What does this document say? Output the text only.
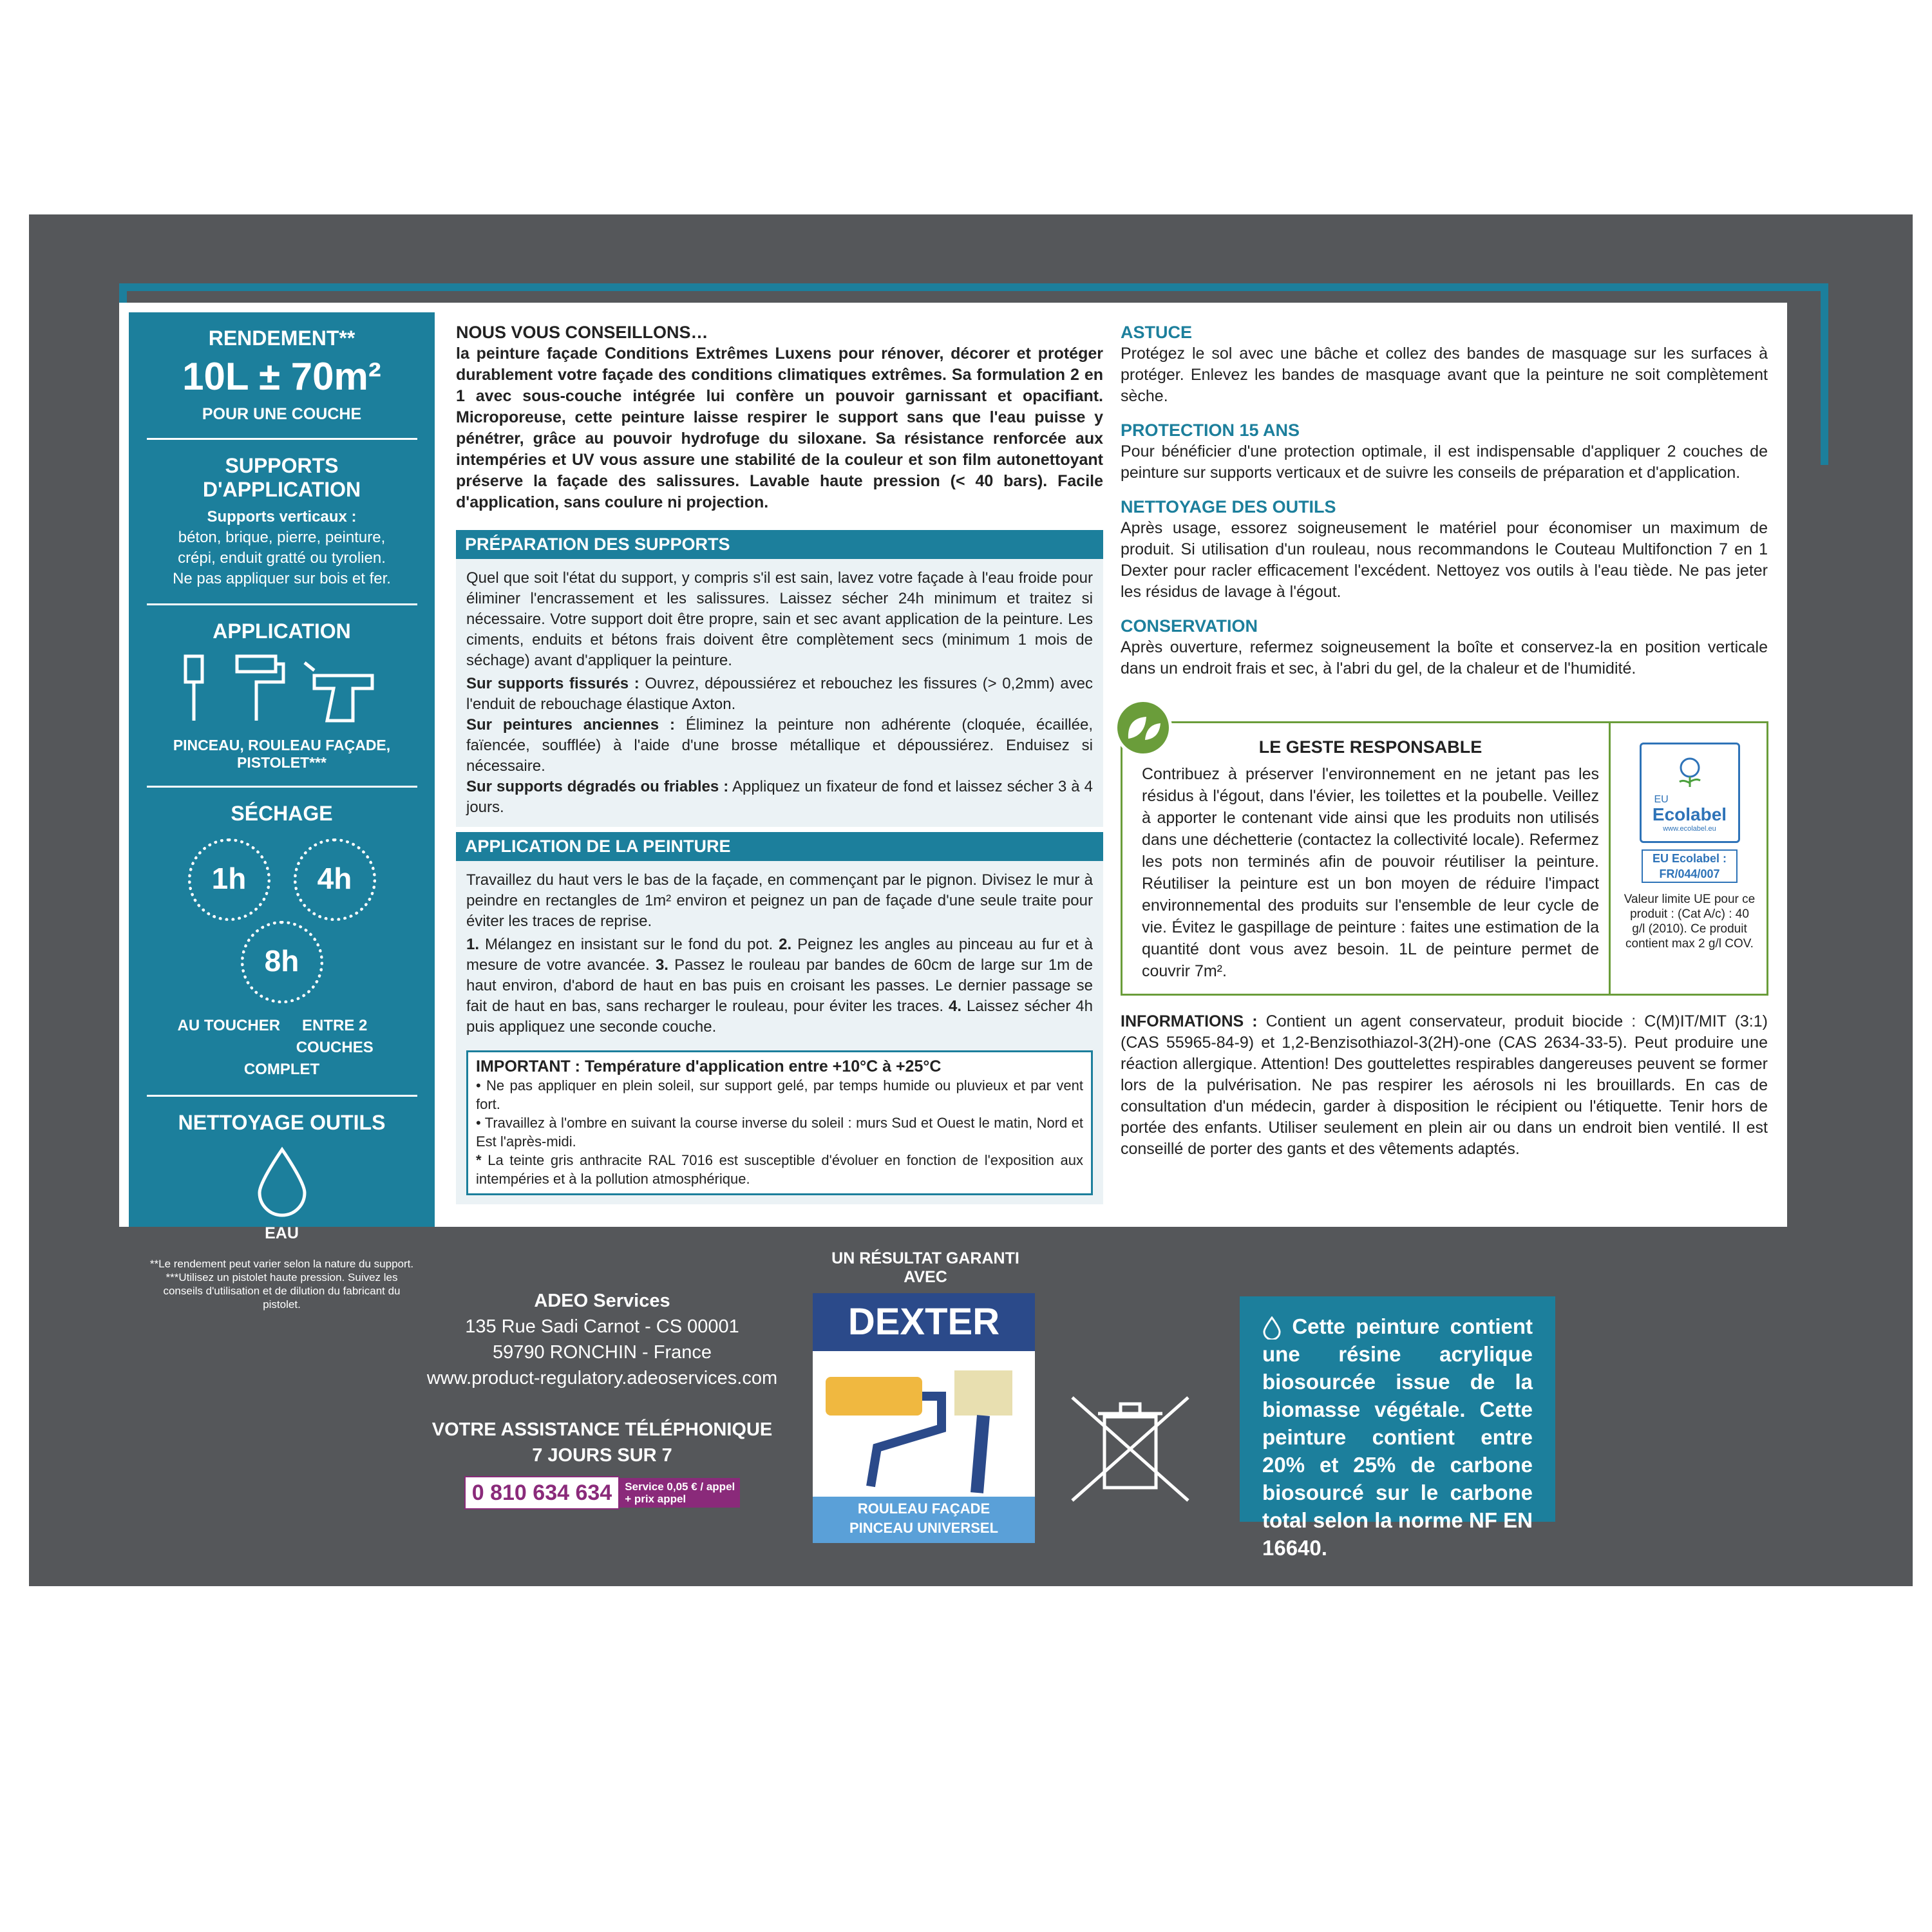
RENDEMENT**
10L ± 70m²
POUR UNE COUCHE
SUPPORTS
D'APPLICATION
Supports verticaux :
béton, brique, pierre, peinture,
crépi, enduit gratté ou tyrolien.
Ne pas appliquer sur bois et fer.
APPLICATION
PINCEAU, ROULEAU FAÇADE, PISTOLET***
SÉCHAGE
1h	4h
8h
AU TOUCHER ENTRE 2 COUCHES COMPLET
NETTOYAGE OUTILS
EAU
**Le rendement peut varier selon la nature du support.
***Utilisez un pistolet haute pression. Suivez les conseils d'utilisation et de dilution du fabricant du pistolet.
NOUS VOUS CONSEILLONS…
la peinture façade Conditions Extrêmes Luxens pour rénover, décorer et protéger durablement votre façade des conditions climatiques extrêmes. Sa formulation 2 en 1 avec sous-couche intégrée lui confère un pouvoir garnissant et opacifiant. Microporeuse, cette peinture laisse respirer le support sans que l'eau puisse y pénétrer, grâce au pouvoir hydrofuge du siloxane. Sa résistance renforcée aux intempéries et UV vous assure une stabilité de la couleur et son film autonettoyant préserve la façade des salissures. Lavable haute pression (< 40 bars). Facile d'application, sans coulure ni projection.
PRÉPARATION DES SUPPORTS
Quel que soit l'état du support, y compris s'il est sain, lavez votre façade à l'eau froide pour éliminer l'encrassement et les salissures. Laissez sécher 24h minimum et traitez si nécessaire. Votre support doit être propre, sain et sec avant application de la peinture. Les ciments, enduits et bétons frais doivent être complètement secs (minimum 1 mois de séchage) avant d'appliquer la peinture.
Sur supports fissurés : Ouvrez, dépoussiérez et rebouchez les fissures (> 0,2mm) avec l'enduit de rebouchage élastique Axton.
Sur peintures anciennes : Éliminez la peinture non adhérente (cloquée, écaillée, faïencée, soufflée) à l'aide d'une brosse métallique et dépoussiérez. Enduisez si nécessaire.
Sur supports dégradés ou friables : Appliquez un fixateur de fond et laissez sécher 3 à 4 jours.
APPLICATION DE LA PEINTURE
Travaillez du haut vers le bas de la façade, en commençant par le pignon. Divisez le mur à peindre en rectangles de 1m² environ et peignez un pan de façade d'une seule traite pour éviter les traces de reprise.
1. Mélangez en insistant sur le fond du pot. 2. Peignez les angles au pinceau au fur et à mesure de votre avancée. 3. Passez le rouleau par bandes de 60cm de large sur 1m de haut environ, d'abord de haut en bas puis en croisant les passes. Le dernier passage se fait de haut en bas, sans recharger le rouleau, pour éviter les traces. 4. Laissez sécher 4h puis appliquez une seconde couche.
IMPORTANT : Température d'application entre +10°C à +25°C
• Ne pas appliquer en plein soleil, sur support gelé, par temps humide ou pluvieux et par vent fort.
• Travaillez à l'ombre en suivant la course inverse du soleil : murs Sud et Ouest le matin, Nord et Est l'après-midi.
* La teinte gris anthracite RAL 7016 est susceptible d'évoluer en fonction de l'exposition aux intempéries et à la pollution atmosphérique.
ASTUCE
Protégez le sol avec une bâche et collez des bandes de masquage sur les surfaces à protéger. Enlevez les bandes de masquage avant que la peinture ne soit complètement sèche.
PROTECTION 15 ANS
Pour bénéficier d'une protection optimale, il est indispensable d'appliquer 2 couches de peinture sur supports verticaux et de suivre les conseils de préparation et d'application.
NETTOYAGE DES OUTILS
Après usage, essorez soigneusement le matériel pour économiser un maximum de produit. Si utilisation d'un rouleau, nous recommandons le Couteau Multifonction 7 en 1 Dexter pour racler efficacement l'excédent. Nettoyez vos outils à l'eau tiède. Ne pas jeter les résidus de lavage à l'égout.
CONSERVATION
Après ouverture, refermez soigneusement la boîte et conservez-la en position verticale dans un endroit frais et sec, à l'abri du gel, de la chaleur et de l'humidité.
LE GESTE RESPONSABLE
Contribuez à préserver l'environnement en ne jetant pas les résidus à l'égout, dans l'évier, les toilettes et la poubelle. Veillez à apporter le contenant vide ainsi que les produits non utilisés dans une déchetterie (contactez la collectivité locale). Refermez les pots non terminés afin de pouvoir réutiliser la peinture. Réutiliser la peinture est un bon moyen de réduire l'impact environnemental des produits sur l'ensemble de leur cycle de vie. Évitez le gaspillage de peinture : faites une estimation de la quantité dont vous avez besoin. 1L de peinture permet de couvrir 7m².
EU
Ecolabel
www.ecolabel.eu
EU Ecolabel :
FR/044/007
Valeur limite UE pour ce produit : (Cat A/c) : 40 g/l (2010). Ce produit contient max 2 g/l COV.
INFORMATIONS : Contient un agent conservateur, produit biocide : C(M)IT/MIT (3:1) (CAS 55965-84-9) et 1,2-Benzisothiazol-3(2H)-one (CAS 2634-33-5). Peut produire une réaction allergique. Attention! Des gouttelettes respirables dangereuses peuvent se former lors de la pulvérisation. Ne pas respirer les aérosols ni les brouillards. En cas de consultation d'un médecin, garder à disposition le récipient ou l'étiquette. Tenir hors de portée des enfants. Utiliser seulement en plein air ou dans un endroit bien ventilé. Il est conseillé de porter des gants et des vêtements adaptés.
ADEO Services
135 Rue Sadi Carnot - CS 00001
59790 RONCHIN - France
www.product-regulatory.adeoservices.com
VOTRE ASSISTANCE TÉLÉPHONIQUE
7 JOURS SUR 7
0 810 634 634 Service 0,05 € / appel
+ prix appel
UN RÉSULTAT GARANTI AVEC
DEXTER
ROULEAU FAÇADE
PINCEAU UNIVERSEL
Cette peinture contient une résine acrylique biosourcée issue de la biomasse végétale. Cette peinture contient entre 20% et 25% de carbone biosourcé sur le carbone total selon la norme NF EN 16640.
